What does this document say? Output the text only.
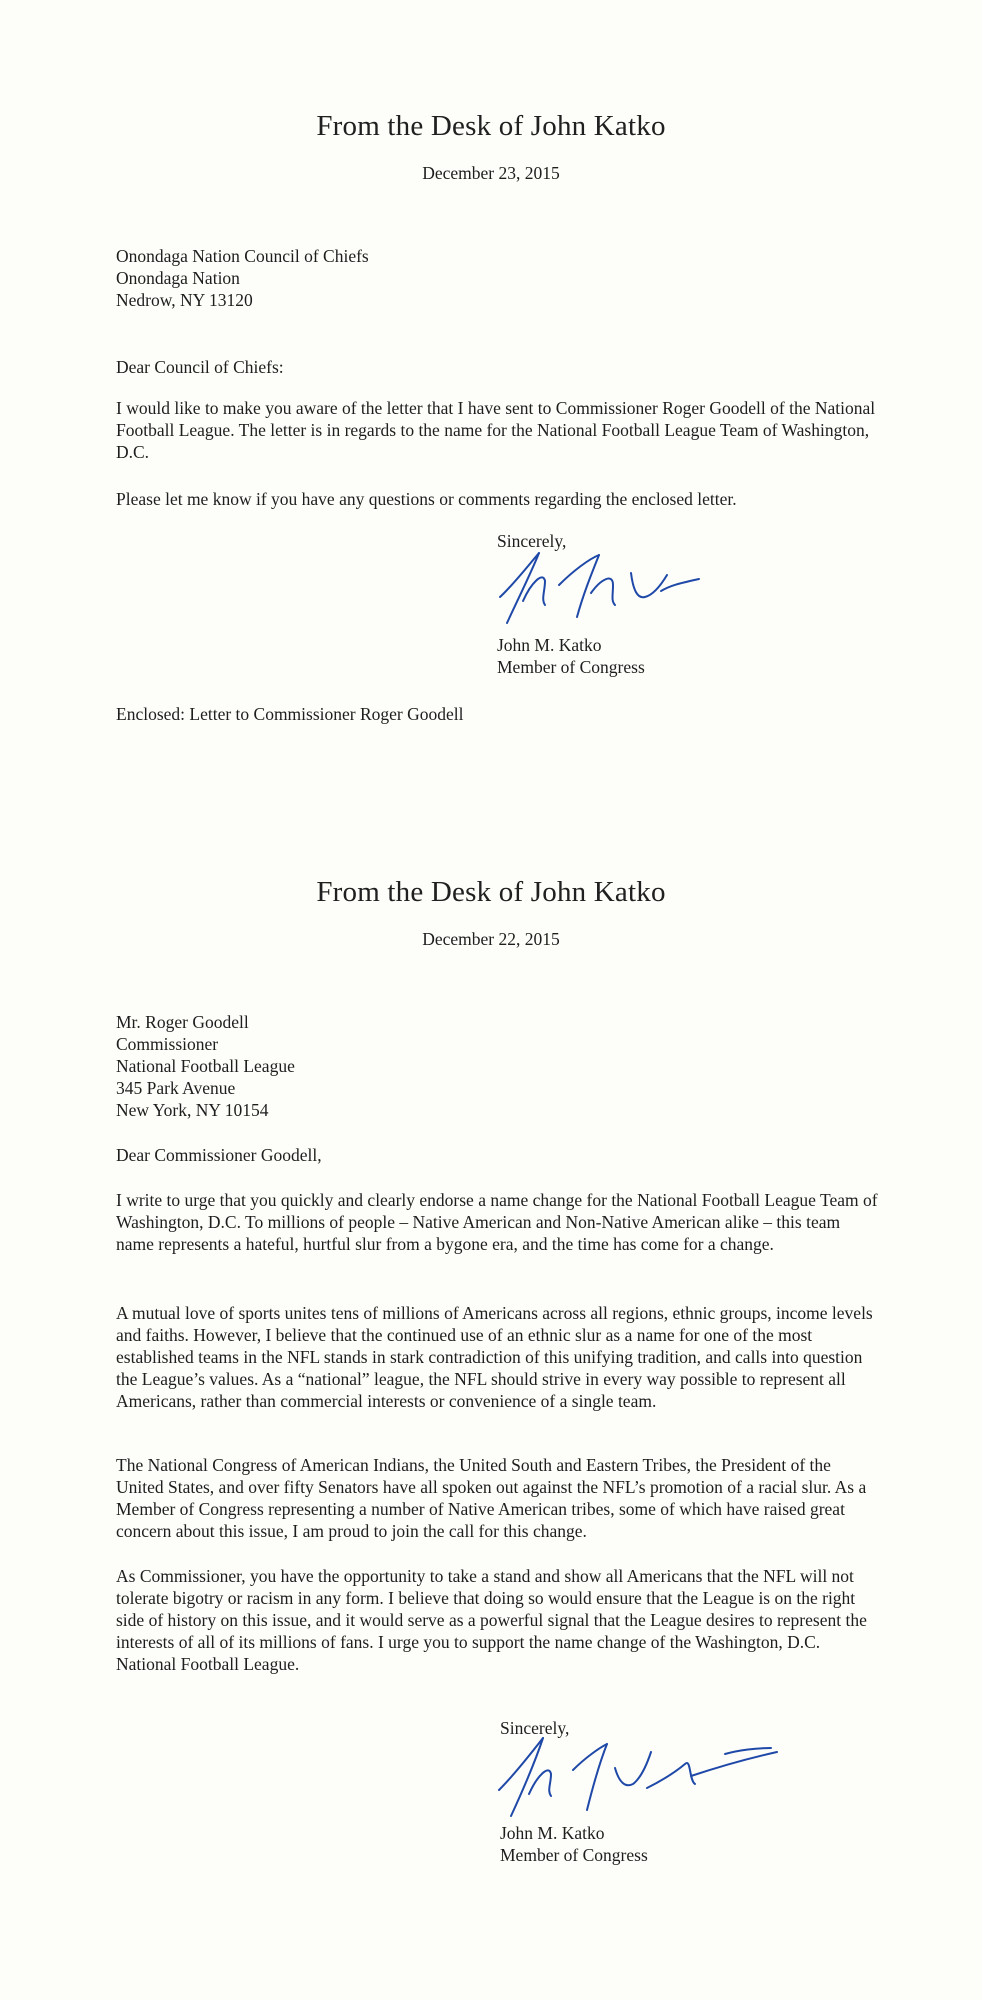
From the Desk of John Katko
December 23, 2015
Onondaga Nation Council of Chiefs
Onondaga Nation
Nedrow, NY 13120
Dear Council of Chiefs:

I would like to make you aware of the letter that I have sent to Commissioner Roger Goodell of the National Football League. The letter is in regards to the name for the National Football League Team of Washington, D.C.

Please let me know if you have any questions or comments regarding the enclosed letter.

Sincerely,
John M. Katko
Member of Congress
Enclosed: Letter to Commissioner Roger Goodell
From the Desk of John Katko
December 22, 2015
Mr. Roger Goodell
Commissioner
National Football League
345 Park Avenue
New York, NY 10154
Dear Commissioner Goodell,

I write to urge that you quickly and clearly endorse a name change for the National Football League Team of Washington, D.C. To millions of people – Native American and Non-Native American alike – this team name represents a hateful, hurtful slur from a bygone era, and the time has come for a change.

A mutual love of sports unites tens of millions of Americans across all regions, ethnic groups, income levels and faiths. However, I believe that the continued use of an ethnic slur as a name for one of the most established teams in the NFL stands in stark contradiction of this unifying tradition, and calls into question the League’s values. As a “national” league, the NFL should strive in every way possible to represent all Americans, rather than commercial interests or convenience of a single team.

The National Congress of American Indians, the United South and Eastern Tribes, the President of the United States, and over fifty Senators have all spoken out against the NFL’s promotion of a racial slur. As a Member of Congress representing a number of Native American tribes, some of which have raised great concern about this issue, I am proud to join the call for this change.

As Commissioner, you have the opportunity to take a stand and show all Americans that the NFL will not tolerate bigotry or racism in any form. I believe that doing so would ensure that the League is on the right side of history on this issue, and it would serve as a powerful signal that the League desires to represent the interests of all of its millions of fans. I urge you to support the name change of the Washington, D.C. National Football League.

Sincerely,
John M. Katko
Member of Congress
